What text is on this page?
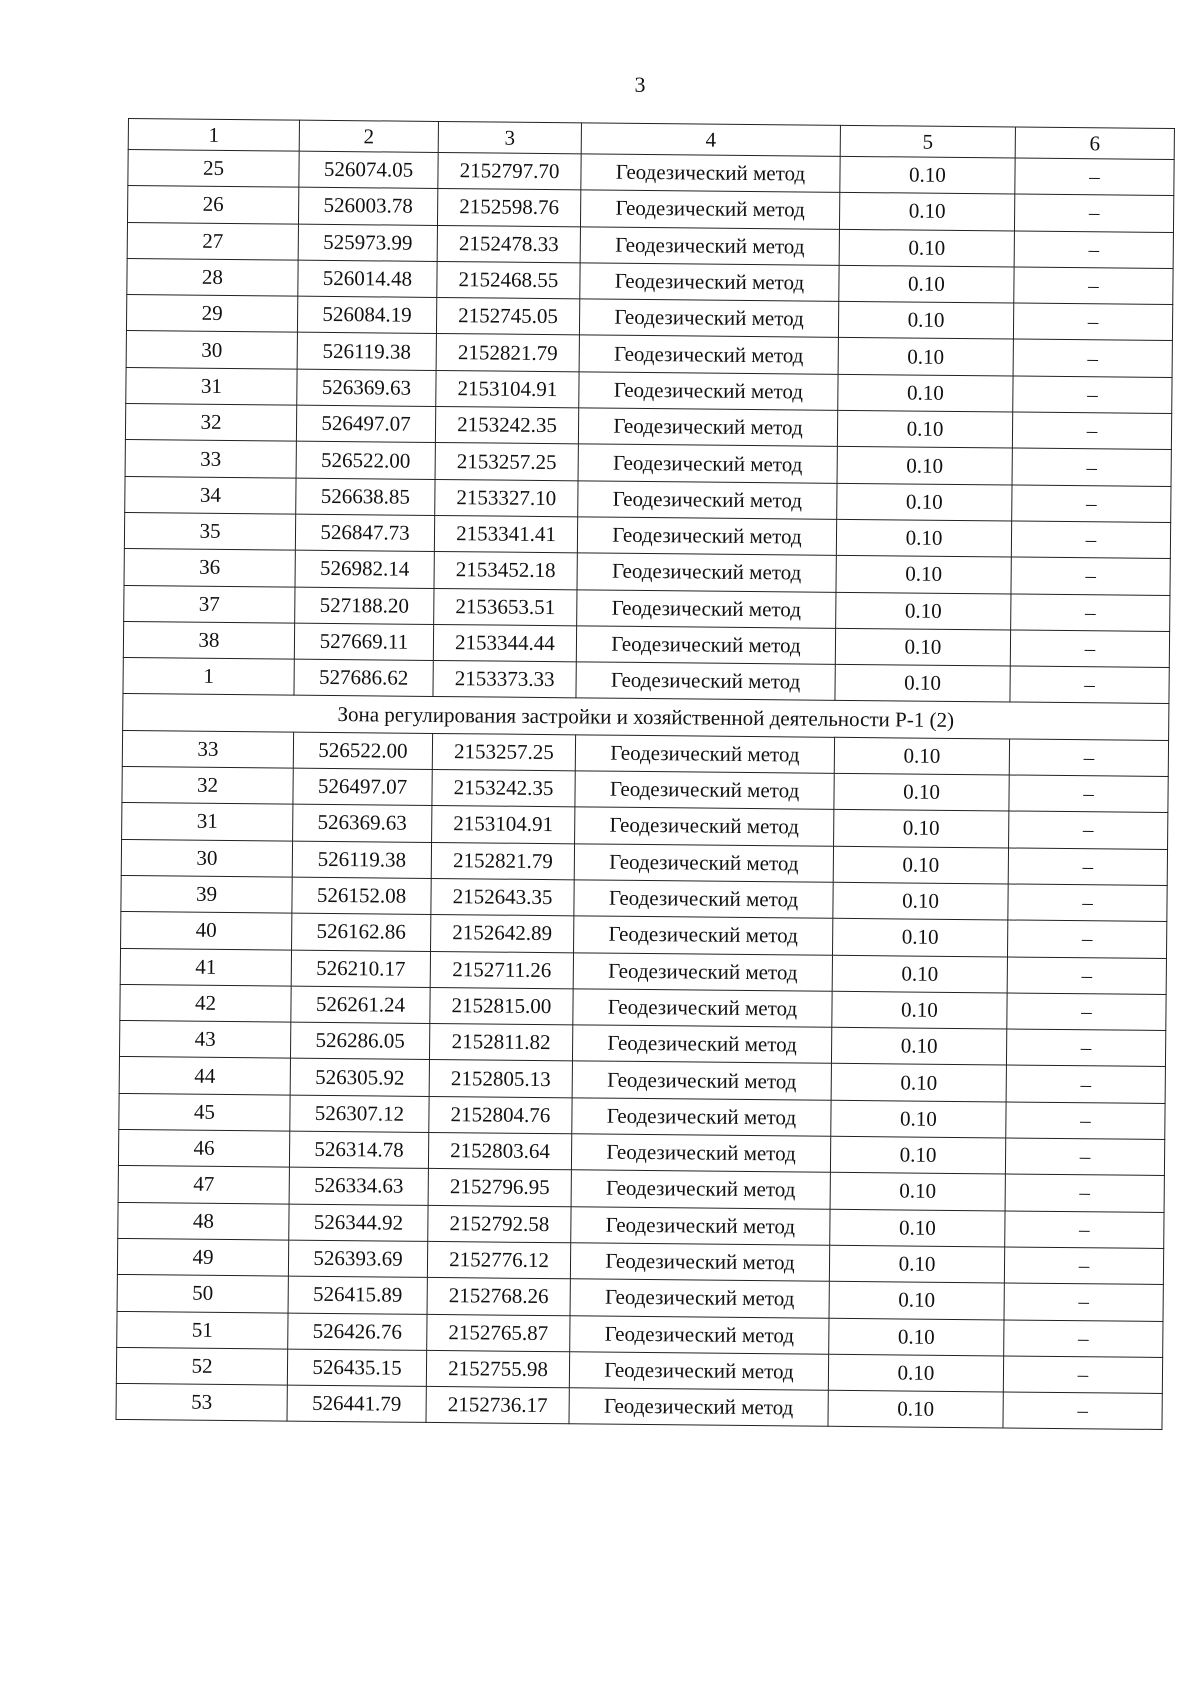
3
1	2	3	4	5	6
25	526074.05	2152797.70	Геодезический метод	0.10	–
26	526003.78	2152598.76	Геодезический метод	0.10	–
27	525973.99	2152478.33	Геодезический метод	0.10	–
28	526014.48	2152468.55	Геодезический метод	0.10	–
29	526084.19	2152745.05	Геодезический метод	0.10	–
30	526119.38	2152821.79	Геодезический метод	0.10	–
31	526369.63	2153104.91	Геодезический метод	0.10	–
32	526497.07	2153242.35	Геодезический метод	0.10	–
33	526522.00	2153257.25	Геодезический метод	0.10	–
34	526638.85	2153327.10	Геодезический метод	0.10	–
35	526847.73	2153341.41	Геодезический метод	0.10	–
36	526982.14	2153452.18	Геодезический метод	0.10	–
37	527188.20	2153653.51	Геодезический метод	0.10	–
38	527669.11	2153344.44	Геодезический метод	0.10	–
1	527686.62	2153373.33	Геодезический метод	0.10	–
Зона регулирования застройки и хозяйственной деятельности Р-1 (2)					
33	526522.00	2153257.25	Геодезический метод	0.10	–
32	526497.07	2153242.35	Геодезический метод	0.10	–
31	526369.63	2153104.91	Геодезический метод	0.10	–
30	526119.38	2152821.79	Геодезический метод	0.10	–
39	526152.08	2152643.35	Геодезический метод	0.10	–
40	526162.86	2152642.89	Геодезический метод	0.10	–
41	526210.17	2152711.26	Геодезический метод	0.10	–
42	526261.24	2152815.00	Геодезический метод	0.10	–
43	526286.05	2152811.82	Геодезический метод	0.10	–
44	526305.92	2152805.13	Геодезический метод	0.10	–
45	526307.12	2152804.76	Геодезический метод	0.10	–
46	526314.78	2152803.64	Геодезический метод	0.10	–
47	526334.63	2152796.95	Геодезический метод	0.10	–
48	526344.92	2152792.58	Геодезический метод	0.10	–
49	526393.69	2152776.12	Геодезический метод	0.10	–
50	526415.89	2152768.26	Геодезический метод	0.10	–
51	526426.76	2152765.87	Геодезический метод	0.10	–
52	526435.15	2152755.98	Геодезический метод	0.10	–
53	526441.79	2152736.17	Геодезический метод	0.10	–
